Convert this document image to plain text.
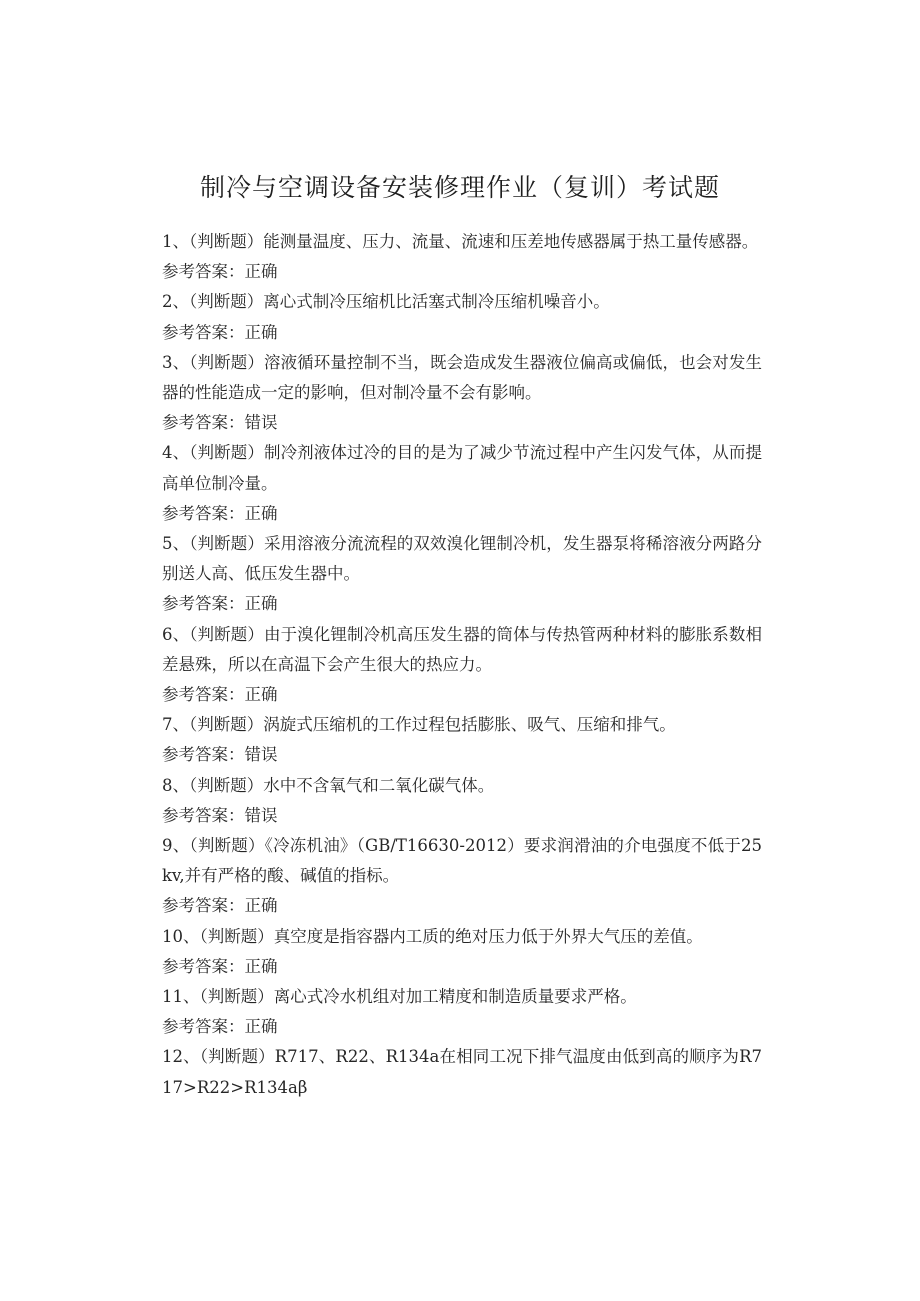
制冷与空调设备安装修理作业（复训）考试题

1、（判断题）能测量温度、压力、流量、流速和压差地传感器属于热工量传感器。

参考答案：正确

2、（判断题）离心式制冷压缩机比活塞式制冷压缩机噪音小。

参考答案：正确

3、（判断题）溶液循环量控制不当，既会造成发生器液位偏高或偏低，也会对发生器的性能造成一定的影响，但对制冷量不会有影响。

参考答案：错误

4、（判断题）制冷剂液体过冷的目的是为了减少节流过程中产生闪发气体，从而提高单位制冷量。

参考答案：正确

5、（判断题）采用溶液分流流程的双效溴化锂制冷机，发生器泵将稀溶液分两路分别送人高、低压发生器中。

参考答案：正确

6、（判断题）由于溴化锂制冷机高压发生器的筒体与传热管两种材料的膨胀系数相差悬殊，所以在高温下会产生很大的热应力。

参考答案：正确

7、（判断题）涡旋式压缩机的工作过程包括膨胀、吸气、压缩和排气。

参考答案：错误

8、（判断题）水中不含氧气和二氧化碳气体。

参考答案：错误

9、（判断题）《冷冻机油》（GB/T16630-2012）要求润滑油的介电强度不低于25kv,并有严格的酸、碱值的指标。

参考答案：正确

10、（判断题）真空度是指容器内工质的绝对压力低于外界大气压的差值。

参考答案：正确

11、（判断题）离心式冷水机组对加工精度和制造质量要求严格。

参考答案：正确

12、（判断题）R717、R22、R134a在相同工况下排气温度由低到高的顺序为R717>R22>R134aβ
